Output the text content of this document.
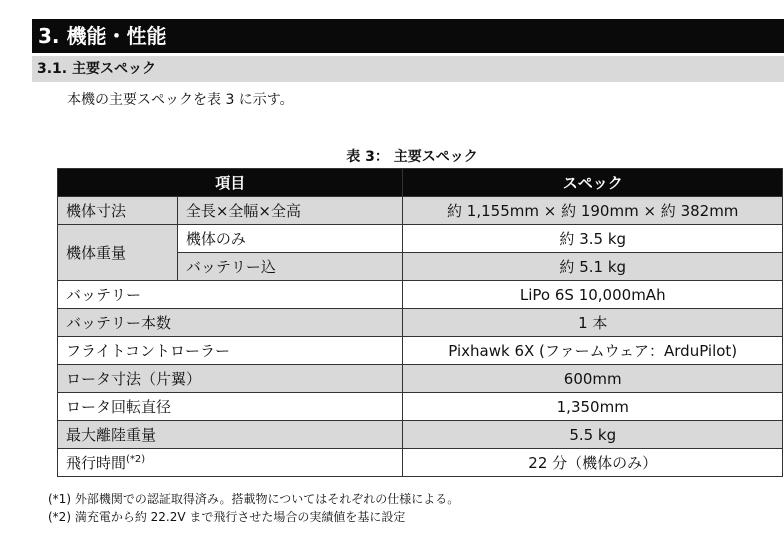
3. 機能・性能
3.1. 主要スペック
本機の主要スペックを表 3 に示す。
表 3： 主要スペック
項目		スペック
機体寸法	全長×全幅×全高	約 1,155mm × 約 190mm × 約 382mm
機体重量	機体のみ	約 3.5 kg
	バッテリー込	約 5.1 kg
バッテリー		LiPo 6S 10,000mAh
バッテリー本数		1 本
フライトコントローラー		Pixhawk 6X (ファームウェア：ArduPilot)
ロータ寸法（片翼）		600mm
ロータ回転直径		1,350mm
最大離陸重量		5.5 kg
飛行時間$^{(*2)}$		22 分（機体のみ）
(*1) 外部機関での認証取得済み。搭載物についてはそれぞれの仕様による。
(*2) 満充電から約 22.2V まで飛行させた場合の実績値を基に設定
